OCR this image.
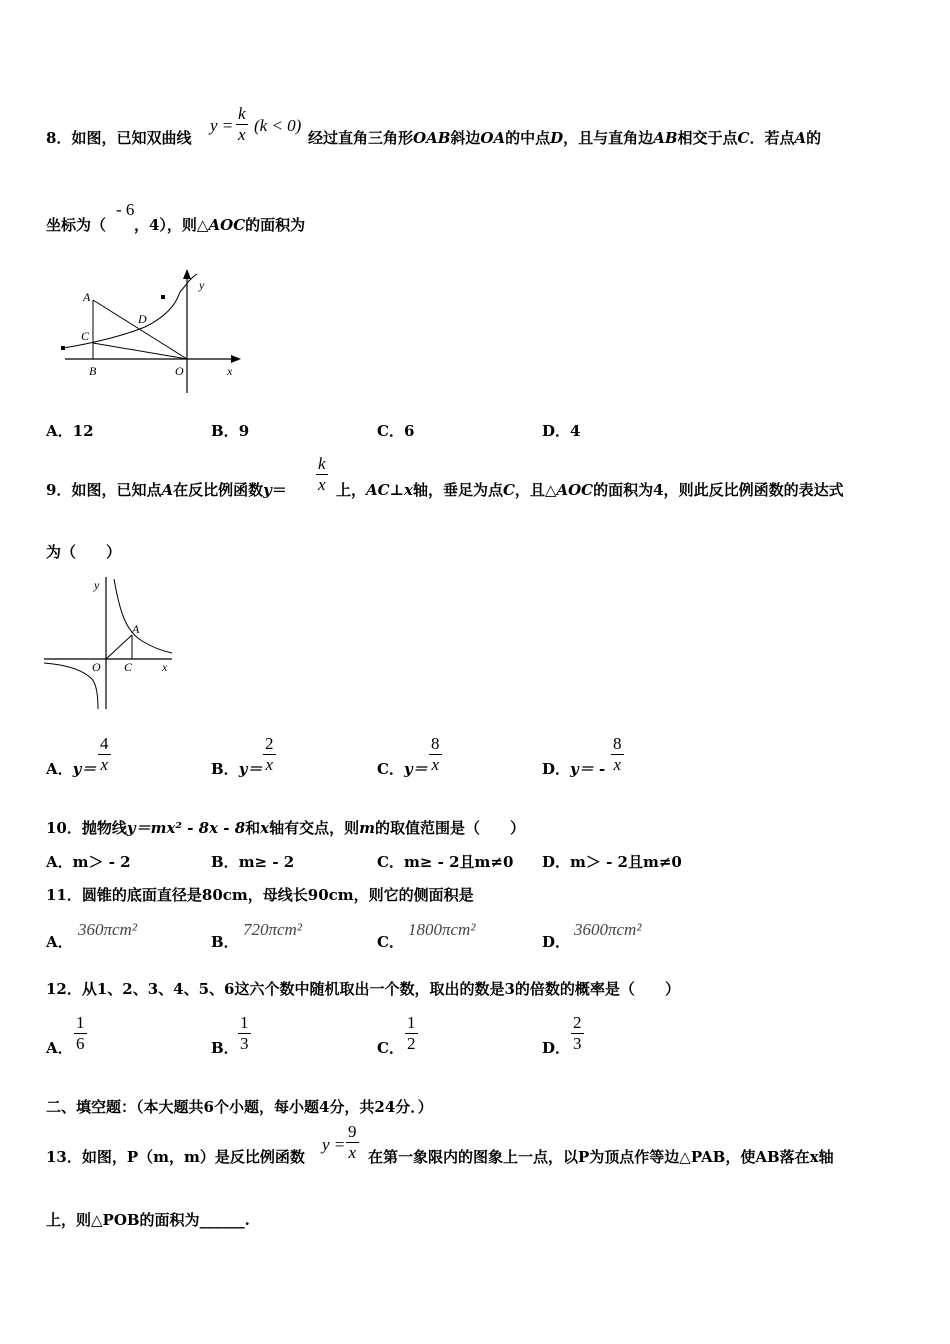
8．如图，已知双曲线
$y = \frac{k}{x} (k < 0)$
经过直角三角形OAB斜边OA的中点D，且与直角边AB相交于点C．若点A的
坐标为（
- 6
，4），则△AOC的面积为
A
C
D
B	O	x
y
A．12	B．9	C．6	D．4
9．如图，已知点A在反比例函数$y= \frac{k}{x}$ 上，AC⊥x轴，垂足为点C，且△AOC的面积为4，则此反比例函数的表达式
为（　　）
y
A
O C x
A．$y= \frac{4}{x}$	B．$y= \frac{2}{x}$	C．$y= \frac{8}{x}$	D．$y= - \frac{8}{x}$
10．抛物线y＝mx² - 8x - 8和x轴有交点，则m的取值范围是（　　）
A．m＞ - 2	B．m≥ - 2	C．m≥ - 2且m≠0 D．m＞ - 2且m≠0
11．圆锥的底面直径是80cm，母线长90cm，则它的侧面积是
A．
360πcm²
B．
720πcm²
C．
1800πcm²
D．
3600πcm²
12．从1、2、3、4、5、6这六个数中随机取出一个数，取出的数是3的倍数的概率是（　　）
A． $\frac{1}{6}$	B． $\frac{1}{3}$	C． $\frac{1}{2}$	D． $\frac{2}{3}$
二、填空题：（本大题共6个小题，每小题4分，共24分．）
13．如图，P（m，m）是反比例函数
$y = \frac{9}{x}$ 在第一象限内的图象上一点，以P为顶点作等边△PAB，使AB落在x轴
上，则△POB的面积为______.
